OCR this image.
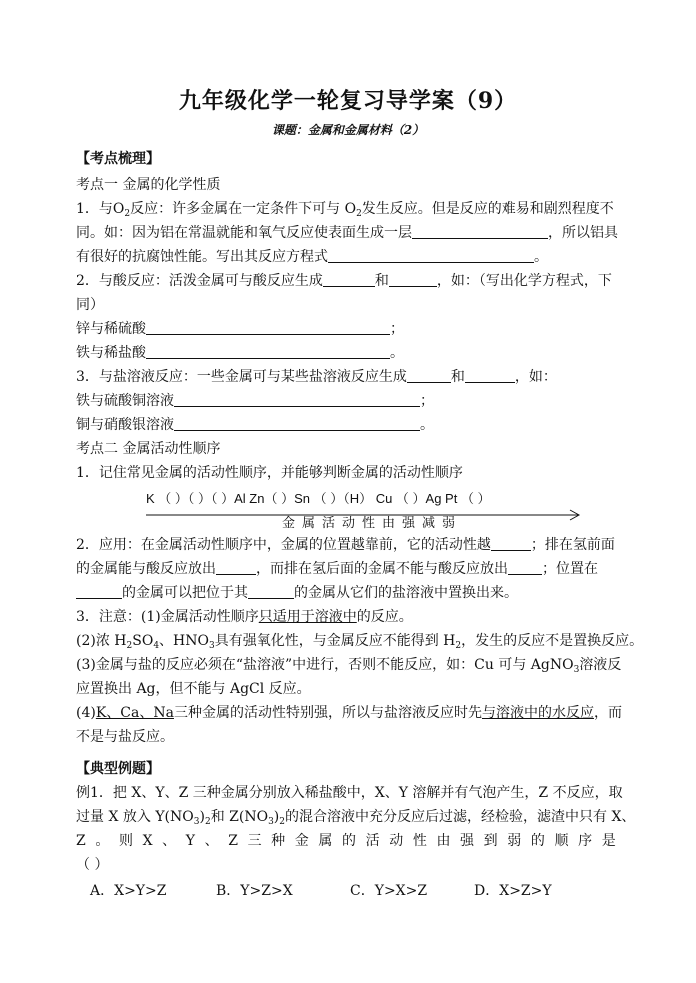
九年级化学一轮复习导学案（9）
课题：金属和金属材料（2）
【考点梳理】
考点一 金属的化学性质
1．与$O_2$反应：许多金属在一定条件下可与 $O_2$发生反应。但是反应的难易和剧烈程度不
同。如：因为铝在常温就能和氧气反应使表面生成一层	，所以铝具
有很好的抗腐蚀性能。写出其反应方程式	。
2．与酸反应：活泼金属可与酸反应生成	和	，如：（写出化学方程式，下
同）
锌与稀硫酸	；
铁与稀盐酸	。
3．与盐溶液反应：一些金属可与某些盐溶液反应生成	和	，如：
铁与硫酸铜溶液	；
铜与硝酸银溶液	。
考点二 金属活动性顺序
1．记住常见金属的活动性顺序，并能够判断金属的活动性顺序
K （ ）（ ）（ ）Al Zn（ ）Sn （ ）（H） Cu （ ）Ag Pt （ ）
金属活动性由强减弱
2．应用：在金属活动性顺序中，金属的位置越靠前，它的活动性越	；排在氢前面
的金属能与酸反应放出	，而排在氢后面的金属不能与酸反应放出 ；位置在
的金属可以把位于其	的金属从它们的盐溶液中置换出来。
3．注意：(1)金属活动性顺序只适用于溶液中的反应。
(2)浓 $H_2SO_4$、$HNO_3$具有强氧化性，与金属反应不能得到 $H_2$，发生的反应不是置换反应。
(3)金属与盐的反应必须在“盐溶液”中进行，否则不能反应，如：Cu 可与 AgNO$_3$溶液反
应置换出 Ag，但不能与 AgCl 反应。
(4)K、Ca、Na三种金属的活动性特别强，所以与盐溶液反应时先与溶液中的水反应，而
不是与盐反应。
【典型例题】
例1．把 X、Y、Z 三种金属分别放入稀盐酸中，X、Y 溶解并有气泡产生，Z 不反应，取
过量 X 放入 $Y(NO_3)_2$和 $Z(NO_3)_2$的混合溶液中充分反应后过滤，经检验，滤渣中只有 X、
Z 。 则 X 、 Y 、 Z 三 种 金 属 的 活 动 性 由 强 到 弱 的 顺 序 是
（ ）
A．X>Y>Z	B．Y>Z>X	C．Y>X>Z	D．X>Z>Y
